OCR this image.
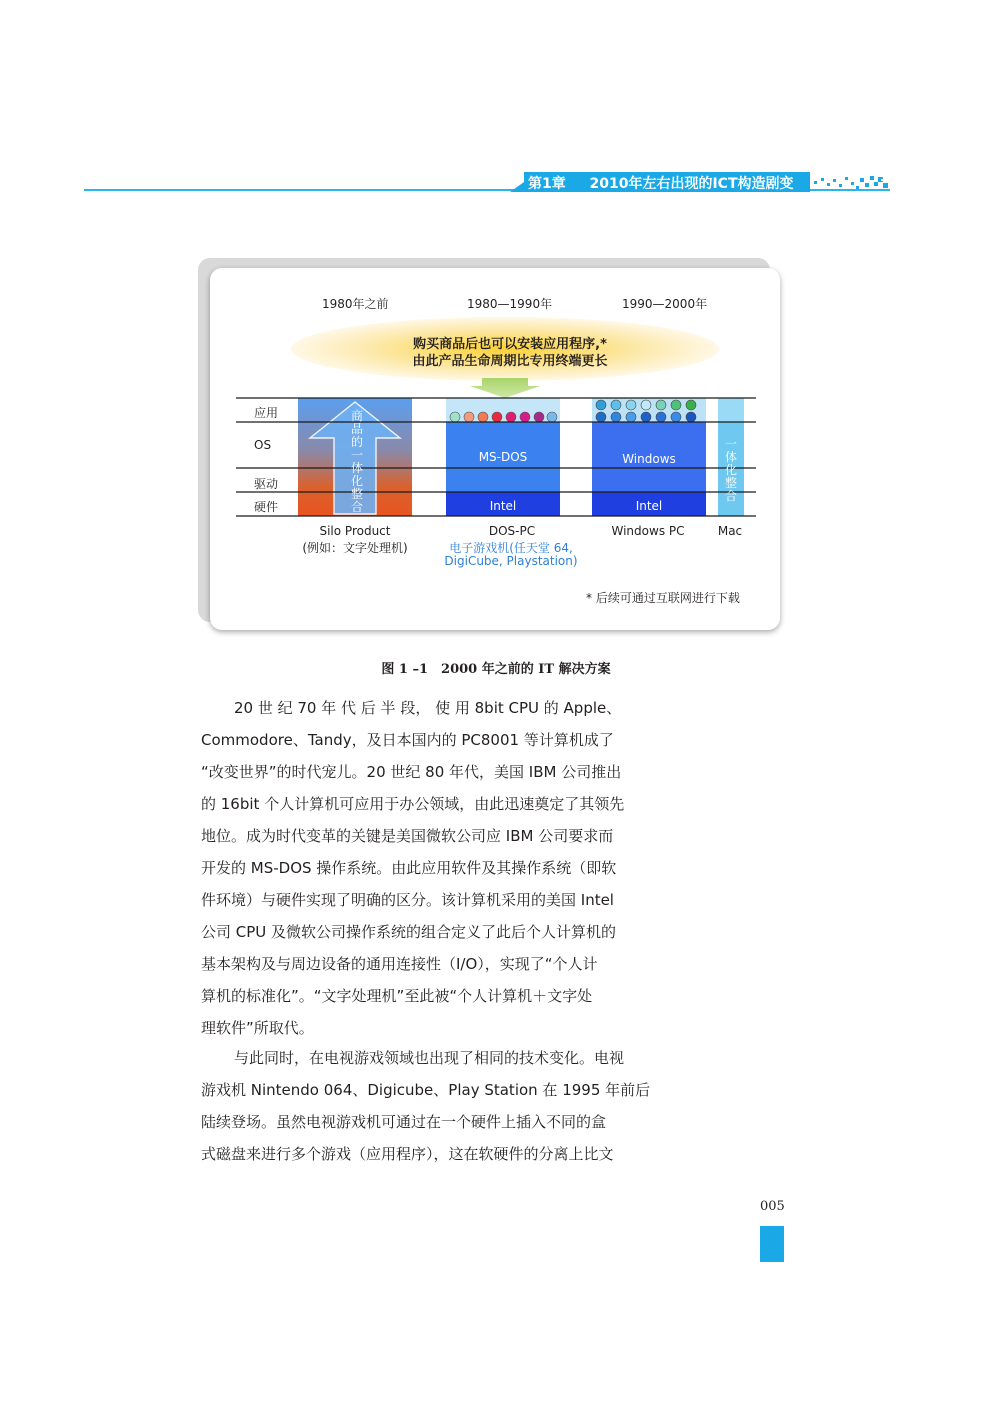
第1章 2010年左右出现的ICT构造剧变
1980年之前	1980—1990年	1990—2000年
购买商品后也可以安装应用程序,*
由此产品生命周期比专用终端更长
应用
OS
驱动
硬件
商品的一体化整合
一体化整合
MS-DOS	Windows
Intel	Intel
Silo Product
(例如：文字处理机)
DOS-PC
电子游戏机(任天堂 64,
DigiCube, Playstation)
Windows PC	Mac
* 后续可通过互联网进行下载
图 1 –1　2000 年之前的 IT 解决方案
20 世 纪 70 年 代 后 半 段， 使 用 8bit CPU 的 Apple、
Commodore、Tandy，及日本国内的 PC8001 等计算机成了
“改变世界”的时代宠儿。20 世纪 80 年代，美国 IBM 公司推出
的 16bit 个人计算机可应用于办公领域，由此迅速奠定了其领先
地位。成为时代变革的关键是美国微软公司应 IBM 公司要求而
开发的 MS-DOS 操作系统。由此应用软件及其操作系统（即软
件环境）与硬件实现了明确的区分。该计算机采用的美国 Intel
公司 CPU 及微软公司操作系统的组合定义了此后个人计算机的
基本架构及与周边设备的通用连接性（I/O），实现了“个人计
算机的标准化”。“文字处理机”至此被“个人计算机＋文字处
理软件”所取代。
与此同时，在电视游戏领域也出现了相同的技术变化。电视
游戏机 Nintendo 064、Digicube、Play Station 在 1995 年前后
陆续登场。虽然电视游戏机可通过在一个硬件上插入不同的盒
式磁盘来进行多个游戏（应用程序），这在软硬件的分离上比文
005
